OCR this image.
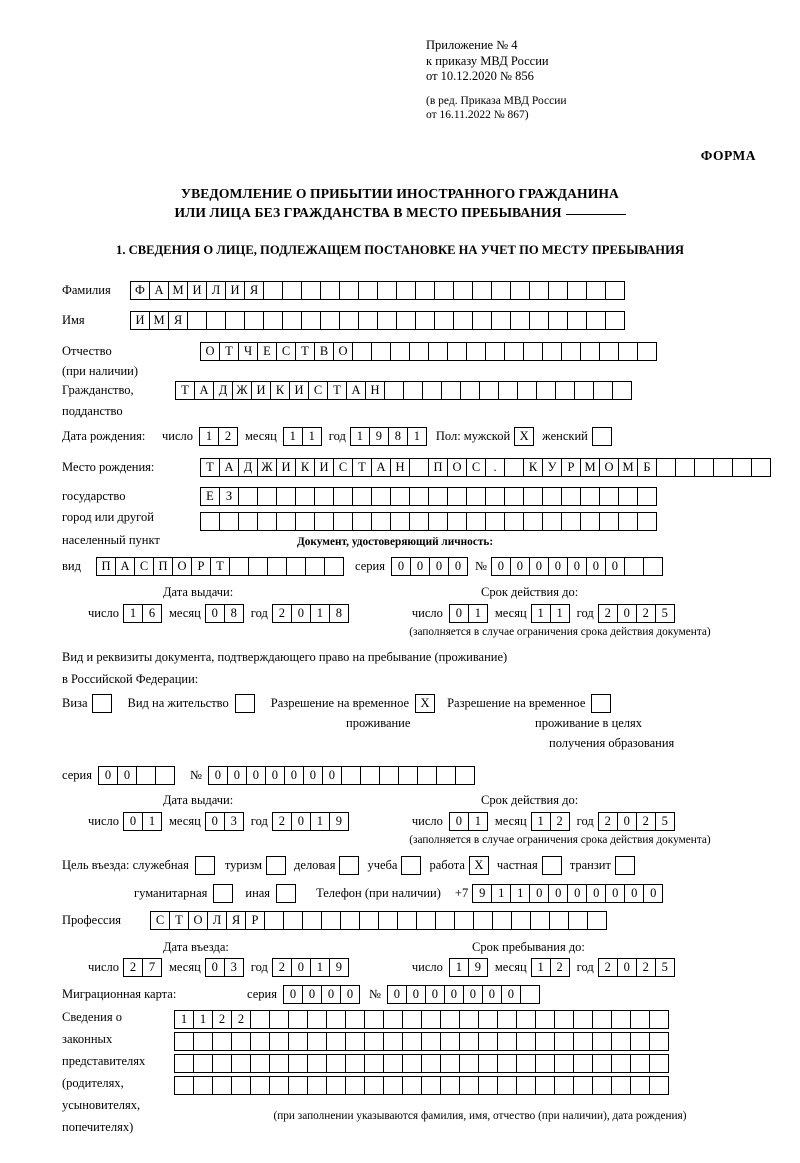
Приложение № 4
к приказу МВД России
от 10.12.2020 № 856
(в ред. Приказа МВД России
от 16.11.2022 № 867)
ФОРМА
УВЕДОМЛЕНИЕ О ПРИБЫТИИ ИНОСТРАННОГО ГРАЖДАНИНА
ИЛИ ЛИЦА БЕЗ ГРАЖДАНСТВА В МЕСТО ПРЕБЫВАНИЯ
1. СВЕДЕНИЯ О ЛИЦЕ, ПОДЛЕЖАЩЕМ ПОСТАНОВКЕ НА УЧЕТ ПО МЕСТУ ПРЕБЫВАНИЯ
Фамилия	Ф А М И Л И Я
Имя	И М Я
Отчество	О Т Ч Е С Т В О
(при наличии)
Гражданство,	Т А Д Ж И К И С Т А Н
подданство
Дата рождения:	число	1	2	месяц	1	1	год 1	9	8	1	Пол: мужской Х	женский
Место рождения:	Т А Д Ж И К И С Т А Н	П О С	.	К У Р М О М Б
государство	Е З
город или другой
населенный пункт	Документ, удостоверяющий личность:
вид	П А С П О Р Т	серия	0	0	0	0	№ 0	0	0	0	0	0	0
Дата выдачи:	Срок действия до:
число 1	6	месяц 0	8	год 2	0	1	8	число	0	1	месяц 1	1	год 2	0	2	5
(заполняется в случае ограничения срока действия документа)
Вид и реквизиты документа, подтверждающего право на пребывание (проживание)
в Российской Федерации:
Виза	Вид на жительство	Разрешение на временное Х	Разрешение на временное
проживание	проживание в целях
получения образования
серия	0	0	№	0	0	0	0	0	0	0
Дата выдачи:	Срок действия до:
число 0	1	месяц 0	3	год 2	0	1	9	число	0	1	месяц 1	2	год 2	0	2	5
(заполняется в случае ограничения срока действия документа)
Цель въезда: служебная	туризм	деловая	учеба	работа Х	частная	транзит
гуманитарная	иная	Телефон (при наличии) +7 9	1	1	0	0	0	0	0	0	0
Профессия	С Т О Л Я Р
Дата въезда:	Срок пребывания до:
число 2	7	месяц 0	3	год 2	0	1	9	число	1	9	месяц 1	2	год 2	0	2	5
Миграционная карта:	серия	0	0	0	0	№	0	0	0	0	0	0	0
Сведения о
законных
представителях
(родителях,
усыновителях,
попечителях)
1	1	2	2
(при заполнении указываются фамилия, имя, отчество (при наличии), дата рождения)
